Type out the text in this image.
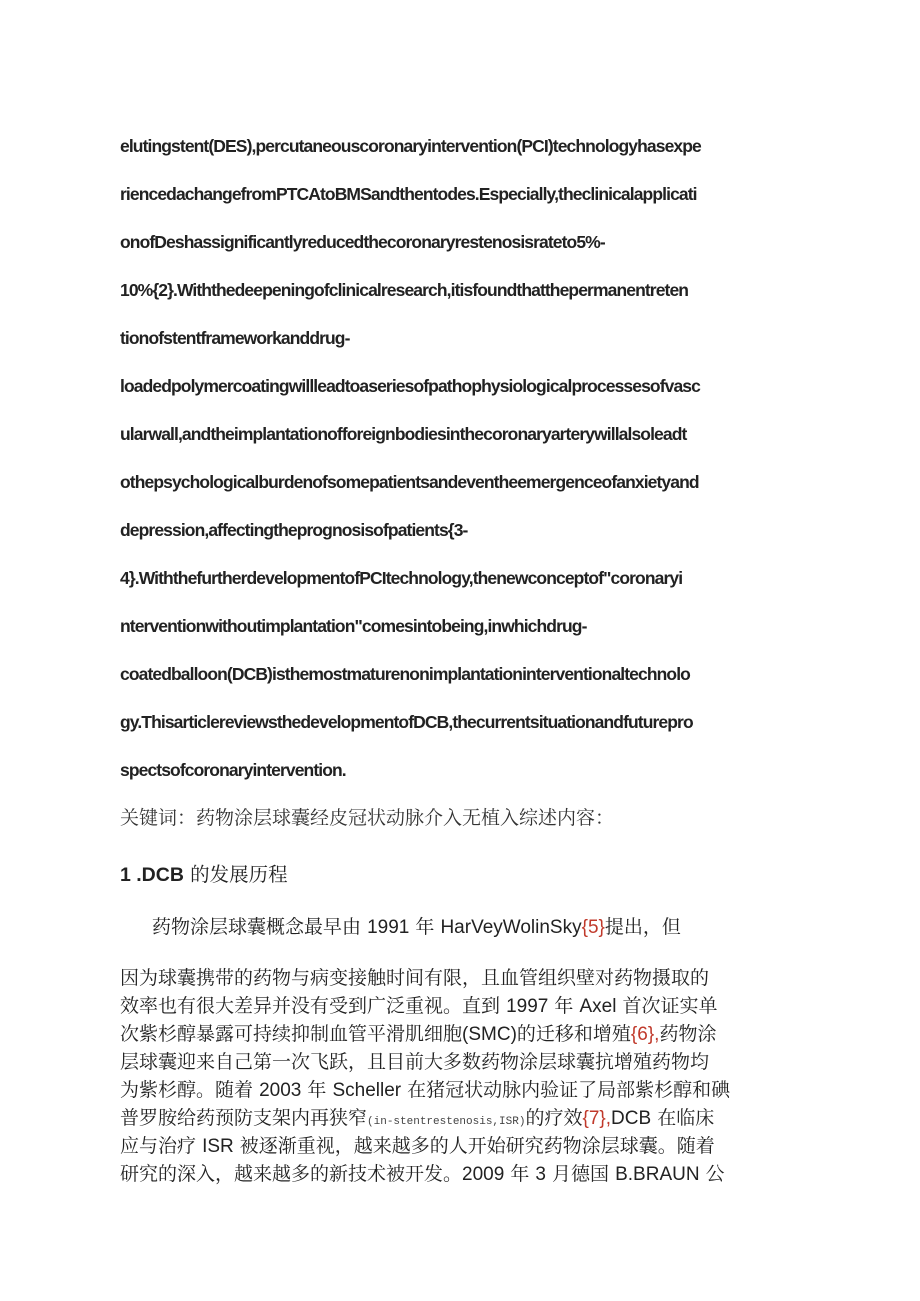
elutingstent(DES),percutaneouscoronaryintervention(PCI)technologyhasexpe
riencedachangefromPTCAtoBMSandthentodes.Especially,theclinicalapplicati
onofDeshassignificantlyreducedthecoronaryrestenosisrateto5%-
10%{2}.Withthedeepeningofclinicalresearch,itisfoundthatthepermanentreten
tionofstentframeworkanddrug-
loadedpolymercoatingwillleadtoaseriesofpathophysiologicalprocessesofvasc
ularwall,andtheimplantationofforeignbodiesinthecoronaryarterywillalsoleadt
othepsychologicalburdenofsomepatientsandeventheemergenceofanxietyand
depression,affectingtheprognosisofpatients{3-
4}.WiththefurtherdevelopmentofPCItechnology,thenewconceptof"coronaryi
nterventionwithoutimplantation"comesintobeing,inwhichdrug-
coatedballoon(DCB)isthemostmaturenonimplantationinterventionaltechnolo
gy.ThisarticlereviewsthedevelopmentofDCB,thecurrentsituationandfuturepro
spectsofcoronaryintervention.
关键词：药物涂层球囊经皮冠状动脉介入无植入综述内容：
1 .DCB 的发展历程
药物涂层球囊概念最早由 1991 年 HarVeyWolinSky{5}提出，但
因为球囊携带的药物与病变接触时间有限，且血管组织壁对药物摄取的
效率也有很大差异并没有受到广泛重视。直到 1997 年 Axel 首次证实单
次紫杉醇暴露可持续抑制血管平滑肌细胞(SMC)的迁移和增殖{6},药物涂
层球囊迎来自己第一次飞跃，且目前大多数药物涂层球囊抗增殖药物均
为紫杉醇。随着 2003 年 Scheller 在猪冠状动脉内验证了局部紫杉醇和碘
普罗胺给药预防支架内再狭窄(in-stentrestenosis,ISR)的疗效{7},DCB 在临床
应与治疗 ISR 被逐渐重视，越来越多的人开始研究药物涂层球囊。随着
研究的深入，越来越多的新技术被开发。2009 年 3 月德国 B.BRAUN 公
